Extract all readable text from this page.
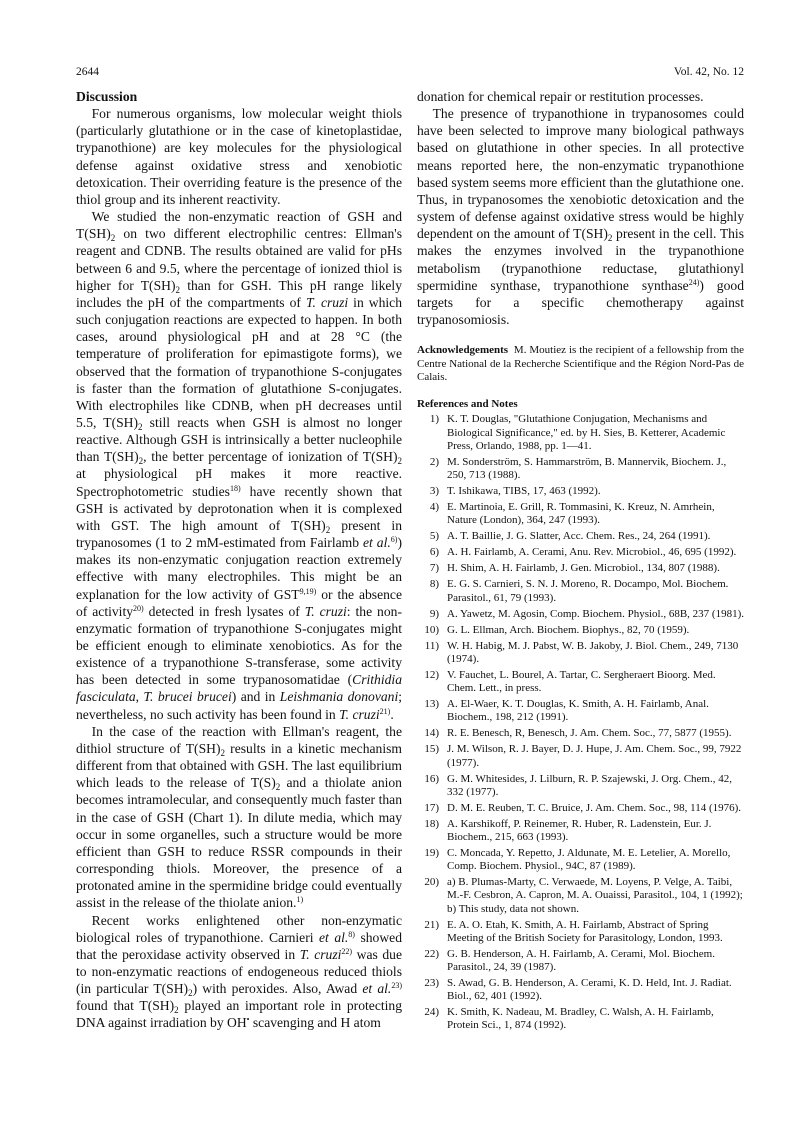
2644	Vol. 42, No. 12
Discussion

For numerous organisms, low molecular weight thiols (particularly glutathione or in the case of kinetoplastidae, trypanothione) are key molecules for the physiological defense against oxidative stress and xenobiotic detoxication. Their overriding feature is the presence of the thiol group and its inherent reactivity.

We studied the non-enzymatic reaction of GSH and $T(SH)_2$ on two different electrophilic centres: Ellman's reagent and CDNB. The results obtained are valid for pHs between 6 and 9.5, where the percentage of ionized thiol is higher for $T(SH)_2$ than for GSH. This pH range likely includes the pH of the compartments of T. cruzi in which such conjugation reactions are expected to happen. In both cases, around physiological pH and at 28 °C (the temperature of proliferation for epimastigote forms), we observed that the formation of trypanothione S-conjugates is faster than the formation of glutathione S-conjugates. With electrophiles like CDNB, when pH decreases until 5.5, $T(SH)_2$ still reacts when GSH is almost no longer reactive. Although GSH is intrinsically a better nucleophile than $T(SH)_2$, the better percentage of ionization of $T(SH)_2$ at physiological pH makes it more reactive. Spectrophotometric studies$^{18)}$ have recently shown that GSH is activated by deprotonation when it is complexed with GST. The high amount of $T(SH)_2$ present in trypanosomes (1 to 2 mM-estimated from Fairlamb et al.$^{6)}$) makes its non-enzymatic conjugation reaction extremely effective with many electrophiles. This might be an explanation for the low activity of GST$^{9,19)}$ or the absence of activity$^{20)}$ detected in fresh lysates of T. cruzi: the non-enzymatic formation of trypanothione S-conjugates might be efficient enough to eliminate xenobiotics. As for the existence of a trypanothione S-transferase, some activity has been detected in some trypanosomatidae (Crithidia fasciculata, T. brucei brucei) and in Leishmania donovani; nevertheless, no such activity has been found in T. cruzi$^{21)}$.

In the case of the reaction with Ellman's reagent, the dithiol structure of $T(SH)_2$ results in a kinetic mechanism different from that obtained with GSH. The last equilibrium which leads to the release of $T(S)_2$ and a thiolate anion becomes intramolecular, and consequently much faster than in the case of GSH (Chart 1). In dilute media, which may occur in some organelles, such a structure would be more efficient than GSH to reduce RSSR compounds in their corresponding thiols. Moreover, the presence of a protonated amine in the spermidine bridge could eventually assist in the release of the thiolate anion.$^{1)}$

Recent works enlightened other non-enzymatic biological roles of trypanothione. Carnieri et al.$^{8)}$ showed that the peroxidase activity observed in T. cruzi$^{22)}$ was due to non-enzymatic reactions of endogeneous reduced thiols (in particular $T(SH)_2$) with peroxides. Also, Awad et al.$^{23)}$ found that $T(SH)_2$ played an important role in protecting DNA against irradiation by OH• scavenging and H atom

donation for chemical repair or restitution processes.

The presence of trypanothione in trypanosomes could have been selected to improve many biological pathways based on glutathione in other species. In all protective means reported here, the non-enzymatic trypanothione based system seems more efficient than the glutathione one. Thus, in trypanosomes the xenobiotic detoxication and the system of defense against oxidative stress would be highly dependent on the amount of $T(SH)_2$ present in the cell. This makes the enzymes involved in the trypanothione metabolism (trypanothione reductase, glutathionyl spermidine synthase, trypanothione synthase$^{24)}$) good targets for a specific chemotherapy against trypanosomiosis.

Acknowledgements M. Moutiez is the recipient of a fellowship from the Centre National de la Recherche Scientifique and the Région Nord-Pas de Calais.
References and Notes
1) K. T. Douglas, "Glutathione Conjugation, Mechanisms and Biological Significance," ed. by H. Sies, B. Ketterer, Academic Press, Orlando, 1988, pp. 1—41.
2) M. Sonderström, S. Hammarström, B. Mannervik, Biochem. J., 250, 713 (1988).
3) T. Ishikawa, TIBS, 17, 463 (1992).
4) E. Martinoia, E. Grill, R. Tommasini, K. Kreuz, N. Amrhein, Nature (London), 364, 247 (1993).
5) A. T. Baillie, J. G. Slatter, Acc. Chem. Res., 24, 264 (1991).
6) A. H. Fairlamb, A. Cerami, Anu. Rev. Microbiol., 46, 695 (1992).
7) H. Shim, A. H. Fairlamb, J. Gen. Microbiol., 134, 807 (1988).
8) E. G. S. Carnieri, S. N. J. Moreno, R. Docampo, Mol. Biochem. Parasitol., 61, 79 (1993).
9) A. Yawetz, M. Agosin, Comp. Biochem. Physiol., 68B, 237 (1981).
10) G. L. Ellman, Arch. Biochem. Biophys., 82, 70 (1959).
11) W. H. Habig, M. J. Pabst, W. B. Jakoby, J. Biol. Chem., 249, 7130 (1974).
12) V. Fauchet, L. Bourel, A. Tartar, C. Sergheraert Bioorg. Med. Chem. Lett., in press.
13) A. El-Waer, K. T. Douglas, K. Smith, A. H. Fairlamb, Anal. Biochem., 198, 212 (1991).
14) R. E. Benesch, R, Benesch, J. Am. Chem. Soc., 77, 5877 (1955).
15) J. M. Wilson, R. J. Bayer, D. J. Hupe, J. Am. Chem. Soc., 99, 7922 (1977).
16) G. M. Whitesides, J. Lilburn, R. P. Szajewski, J. Org. Chem., 42, 332 (1977).
17) D. M. E. Reuben, T. C. Bruice, J. Am. Chem. Soc., 98, 114 (1976).
18) A. Karshikoff, P. Reinemer, R. Huber, R. Ladenstein, Eur. J. Biochem., 215, 663 (1993).
19) C. Moncada, Y. Repetto, J. Aldunate, M. E. Letelier, A. Morello, Comp. Biochem. Physiol., 94C, 87 (1989).
20) a) B. Plumas-Marty, C. Verwaede, M. Loyens, P. Velge, A. Taibi, M.-F. Cesbron, A. Capron, M. A. Ouaissi, Parasitol., 104, 1 (1992); b) This study, data not shown.
21) E. A. O. Etah, K. Smith, A. H. Fairlamb, Abstract of Spring Meeting of the British Society for Parasitology, London, 1993.
22) G. B. Henderson, A. H. Fairlamb, A. Cerami, Mol. Biochem. Parasitol., 24, 39 (1987).
23) S. Awad, G. B. Henderson, A. Cerami, K. D. Held, Int. J. Radiat. Biol., 62, 401 (1992).
24) K. Smith, K. Nadeau, M. Bradley, C. Walsh, A. H. Fairlamb, Protein Sci., 1, 874 (1992).
